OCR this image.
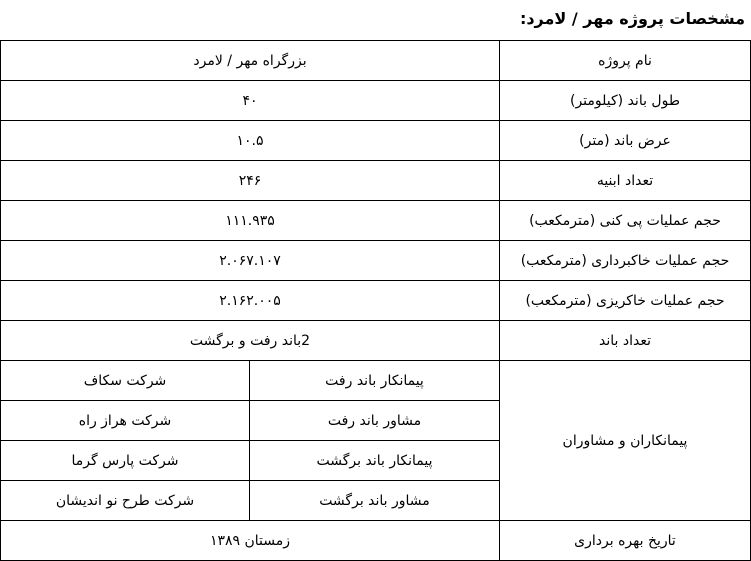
مشخصات پروژه مهر / لامرد:
نام پروژه	بزرگراه مهر / لامرد	
طول باند (کیلومتر)	۴۰	
عرض باند (متر)	۱۰.۵	
تعداد ابنیه	۲۴۶	
حجم عملیات پی کنی (مترمکعب)	۱۱۱.۹۳۵	
حجم عملیات خاکبرداری (مترمکعب)	۲.۰۶۷.۱۰۷	
حجم عملیات خاکریزی (مترمکعب)	۲.۱۶۲.۰۰۵	
تعداد باند	2باند رفت و برگشت	
پیمانکاران و مشاوران	پیمانکار باند رفت	شرکت سکاف
	مشاور باند رفت	شرکت هراز راه
	پیمانکار باند برگشت	شرکت پارس گرما
	مشاور باند برگشت	شرکت طرح نو اندیشان
تاریخ بهره برداری	زمستان ۱۳۸۹	
